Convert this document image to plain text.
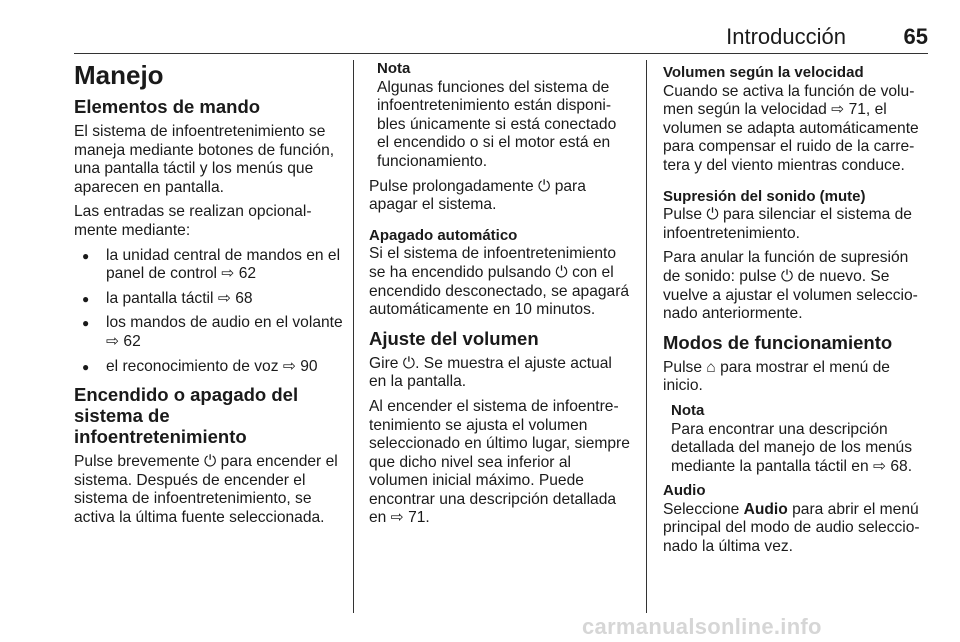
Introducción	65
Manejo
Elementos de mando

El sistema de infoentretenimiento se maneja mediante botones de función, una pantalla táctil y los menús que aparecen en pantalla.

Las entradas se realizan opcionalmente mediante:

● la unidad central de mandos en el panel de control ⇨ 62
● la pantalla táctil ⇨ 68
● los mandos de audio en el volante ⇨ 62
● el reconocimiento de voz ⇨ 90
Encendido o apagado del sistema de infoentretenimiento

Pulse brevemente ⏻ para encender el sistema. Después de encender el sistema de infoentretenimiento, se activa la última fuente seleccionada.

Nota
Algunas funciones del sistema de infoentretenimiento están disponibles únicamente si está conectado el encendido o si el motor está en funcionamiento.

Pulse prolongadamente ⏻ para apagar el sistema.

Apagado automático

Si el sistema de infoentretenimiento se ha encendido pulsando ⏻ con el encendido desconectado, se apagará automáticamente en 10 minutos.

Ajuste del volumen

Gire ⏻. Se muestra el ajuste actual en la pantalla.

Al encender el sistema de infoentretenimiento se ajusta el volumen seleccionado en último lugar, siempre que dicho nivel sea inferior al volumen inicial máximo. Puede encontrar una descripción detallada en ⇨ 71.

Volumen según la velocidad

Cuando se activa la función de volumen según la velocidad ⇨ 71, el volumen se adapta automáticamente para compensar el ruido de la carretera y del viento mientras conduce.

Supresión del sonido (mute)

Pulse ⏻ para silenciar el sistema de infoentretenimiento.

Para anular la función de supresión de sonido: pulse ⏻ de nuevo. Se vuelve a ajustar el volumen seleccionado anteriormente.

Modos de funcionamiento

Pulse ⌂ para mostrar el menú de inicio.

Nota
Para encontrar una descripción detallada del manejo de los menús mediante la pantalla táctil en ⇨ 68.
Audio

Seleccione Audio para abrir el menú principal del modo de audio seleccionado la última vez.

carmanualsonline.info
